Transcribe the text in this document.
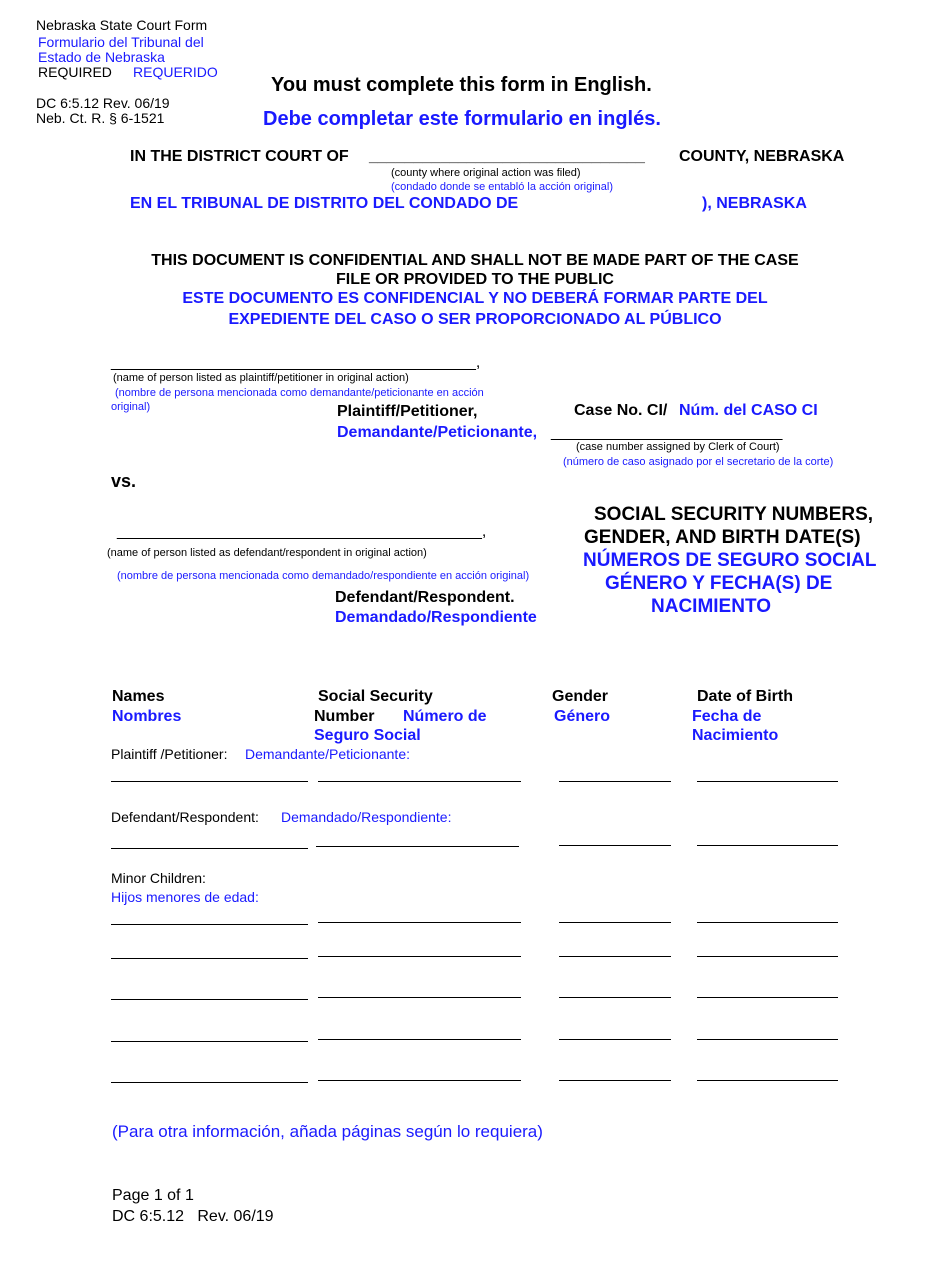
Nebraska State Court Form
Formulario del Tribunal del
Estado de Nebraska
REQUIRED REQUERIDO
DC 6:5.12 Rev. 06/19
Neb. Ct. R. § 6-1521
You must complete this form in English.
Debe completar este formulario en inglés.
IN THE DISTRICT COURT OF _______________________________ COUNTY, NEBRASKA
(county where original action was filed)
(condado donde se entabló la acción original)
EN EL TRIBUNAL DE DISTRITO DEL CONDADO DE	), NEBRASKA
THIS DOCUMENT IS CONFIDENTIAL AND SHALL NOT BE MADE PART OF THE CASE
FILE OR PROVIDED TO THE PUBLIC
ESTE DOCUMENTO ES CONFIDENCIAL Y NO DEBERÁ FORMAR PARTE DEL
EXPEDIENTE DEL CASO O SER PROPORCIONADO AL PÚBLICO
_________________________________________,
(name of person listed as plaintiff/petitioner in original action)
(nombre de persona mencionada como demandante/peticionante en acción
original)	Plaintiff/Petitioner,
Demandante/Peticionante,
Case No. CI/ Núm. del CASO CI
__________________________
(case number assigned by Clerk of Court)
(número de caso asignado por el secretario de la corte)
vs.
_________________________________________,
(name of person listed as defendant/respondent in original action)
(nombre de persona mencionada como demandado/respondiente en acción original)
Defendant/Respondent.
Demandado/Respondiente
SOCIAL SECURITY NUMBERS,
GENDER, AND BIRTH DATE(S)
NÚMEROS DE SEGURO SOCIAL
GÉNERO Y FECHA(S) DE
NACIMIENTO
Names
Nombres
Social Security
Number Número de
Seguro Social
Gender
Género
Date of Birth
Fecha de
Nacimiento
Plaintiff /Petitioner: Demandante/Peticionante:
Defendant/Respondent: Demandado/Respondiente:
Minor Children:
Hijos menores de edad:
(Para otra información, añada páginas según lo requiera)
Page 1 of 1
DC 6:5.12   Rev. 06/19
